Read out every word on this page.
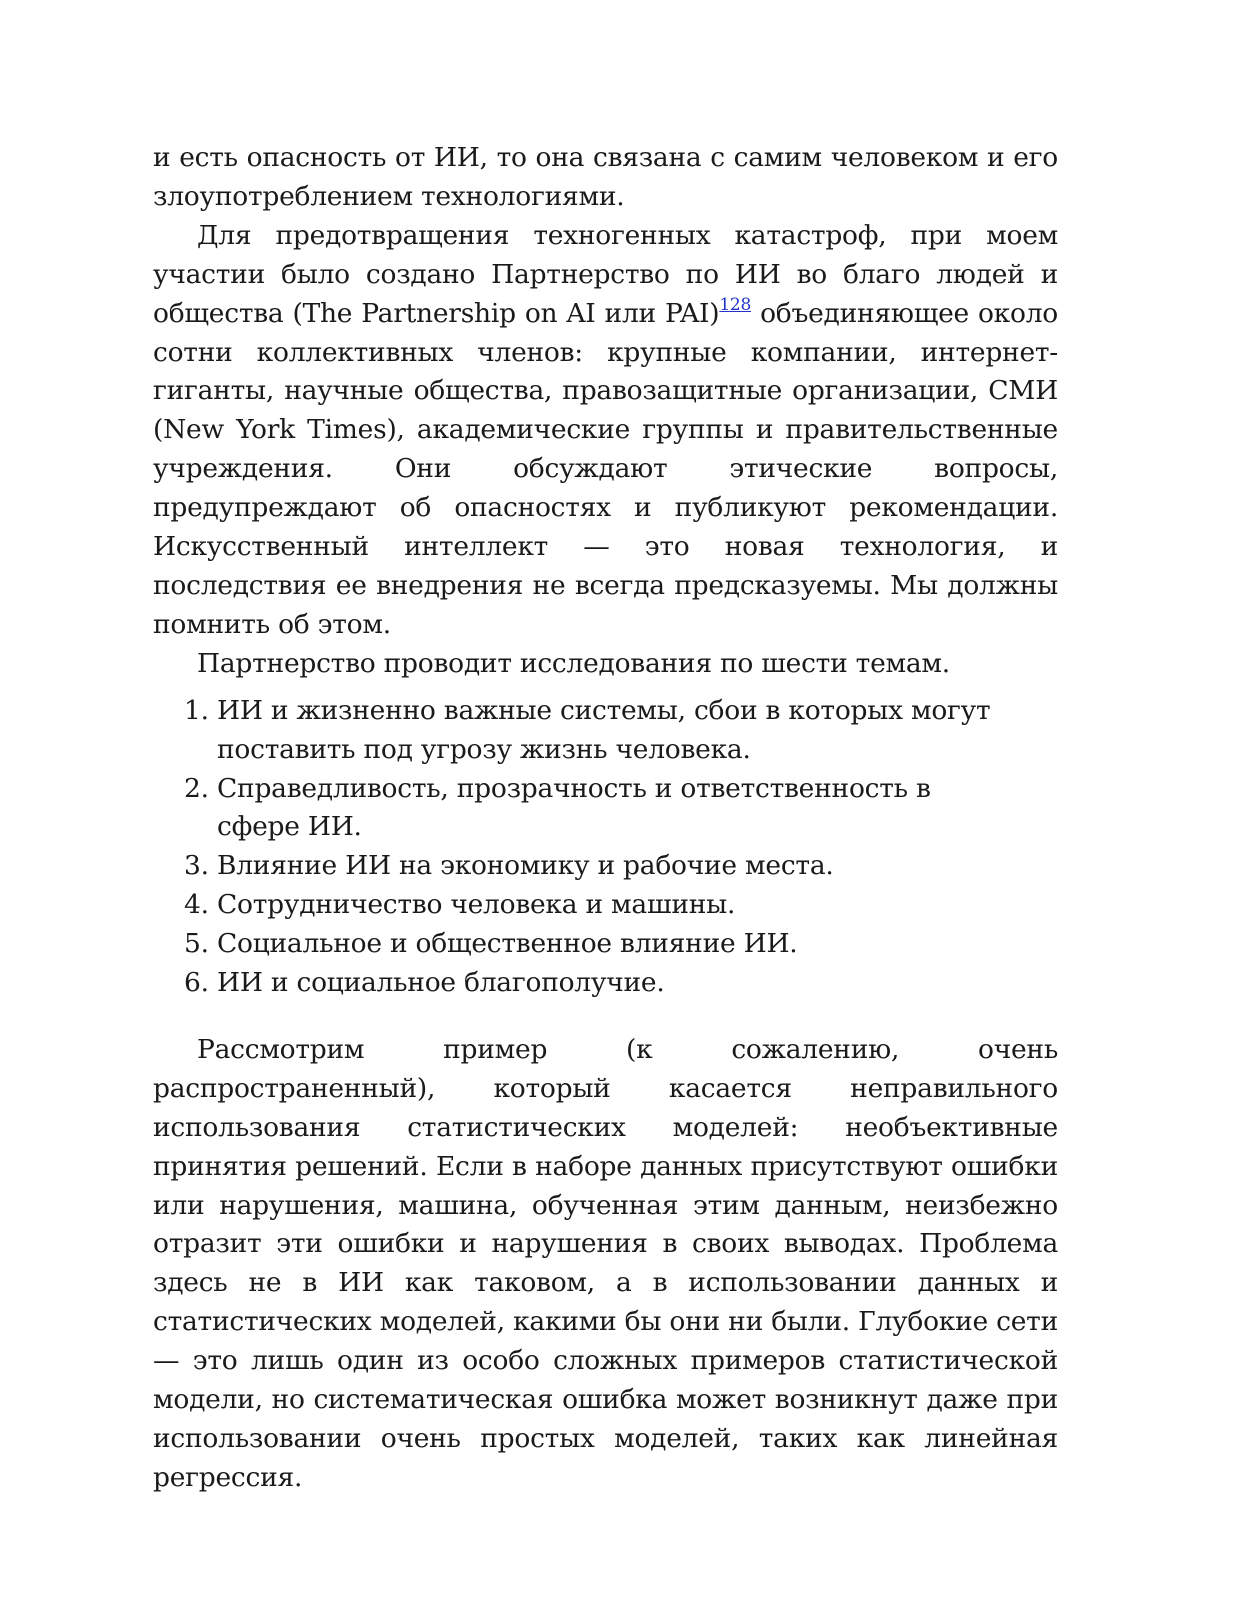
и есть опасность от ИИ, то она связана с самим человеком и его злоупотреблением технологиями.

Для предотвращения техногенных катастроф, при моем участии было создано Партнерство по ИИ во благо людей и общества (The Partnership on AI или PAI)$^{128}$ объединяющее около сотни коллективных членов: крупные компании, интернет-гиганты, научные общества, правозащитные организации, СМИ (New York Times), академические группы и правительственные учреждения. Они обсуждают этические вопросы, предупреждают об опасностях и публикуют рекомендации. Искусственный интеллект — это новая технология, и последствия ее внедрения не всегда предсказуемы. Мы должны помнить об этом.

Партнерство проводит исследования по шести темам.

1. ИИ и жизненно важные системы, сбои в которых могут поставить под угрозу жизнь человека.
2. Справедливость, прозрачность и ответственность в сфере ИИ.
3. Влияние ИИ на экономику и рабочие места.
4. Сотрудничество человека и машины.
5. Социальное и общественное влияние ИИ.
6. ИИ и социальное благополучие.

Рассмотрим пример (к сожалению, очень распространенный), который касается неправильного использования статистических моделей: необъективные принятия решений. Если в наборе данных присутствуют ошибки или нарушения, машина, обученная этим данным, неизбежно отразит эти ошибки и нарушения в своих выводах. Проблема здесь не в ИИ как таковом, а в использовании данных и статистических моделей, какими бы они ни были. Глубокие сети — это лишь один из особо сложных примеров статистической модели, но систематическая ошибка может возникнут даже при использовании очень простых моделей, таких как линейная регрессия.
